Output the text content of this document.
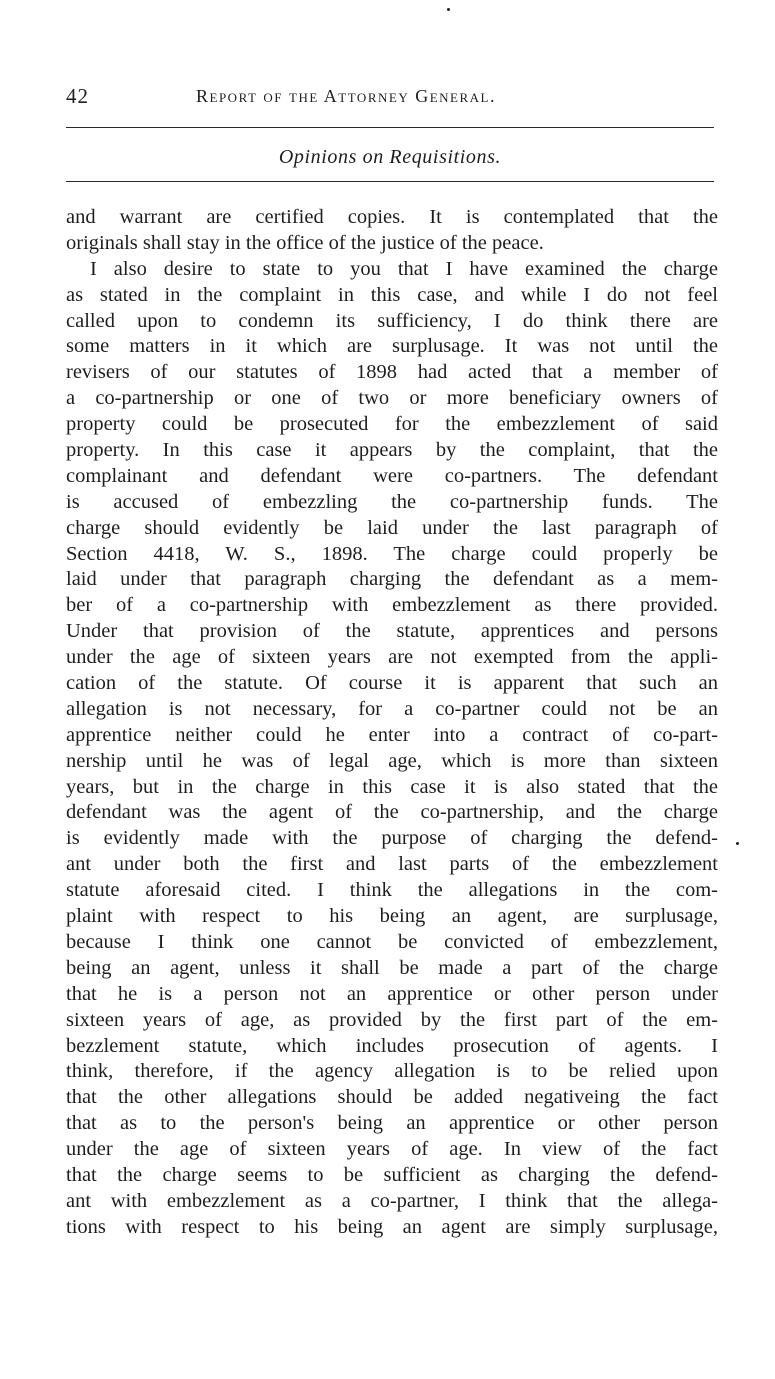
42	Report of the Attorney General.
Opinions on Requisitions.
and warrant are certified copies. It is contemplated that the
originals shall stay in the office of the justice of the peace.
I also desire to state to you that I have examined the charge
as stated in the complaint in this case, and while I do not feel
called upon to condemn its sufficiency, I do think there are
some matters in it which are surplusage. It was not until the
revisers of our statutes of 1898 had acted that a member of
a co-partnership or one of two or more beneficiary owners of
property could be prosecuted for the embezzlement of said
property. In this case it appears by the complaint, that the
complainant and defendant were co-partners. The defendant
is accused of embezzling the co-partnership funds. The
charge should evidently be laid under the last paragraph of
Section 4418, W. S., 1898. The charge could properly be
laid under that paragraph charging the defendant as a mem-
ber of a co-partnership with embezzlement as there provided.
Under that provision of the statute, apprentices and persons
under the age of sixteen years are not exempted from the appli-
cation of the statute. Of course it is apparent that such an
allegation is not necessary, for a co-partner could not be an
apprentice neither could he enter into a contract of co-part-
nership until he was of legal age, which is more than sixteen
years, but in the charge in this case it is also stated that the
defendant was the agent of the co-partnership, and the charge
is evidently made with the purpose of charging the defend-
ant under both the first and last parts of the embezzlement
statute aforesaid cited. I think the allegations in the com-
plaint with respect to his being an agent, are surplusage,
because I think one cannot be convicted of embezzlement,
being an agent, unless it shall be made a part of the charge
that he is a person not an apprentice or other person under
sixteen years of age, as provided by the first part of the em-
bezzlement statute, which includes prosecution of agents. I
think, therefore, if the agency allegation is to be relied upon
that the other allegations should be added negativeing the fact
that as to the person's being an apprentice or other person
under the age of sixteen years of age. In view of the fact
that the charge seems to be sufficient as charging the defend-
ant with embezzlement as a co-partner, I think that the allega-
tions with respect to his being an agent are simply surplusage,
